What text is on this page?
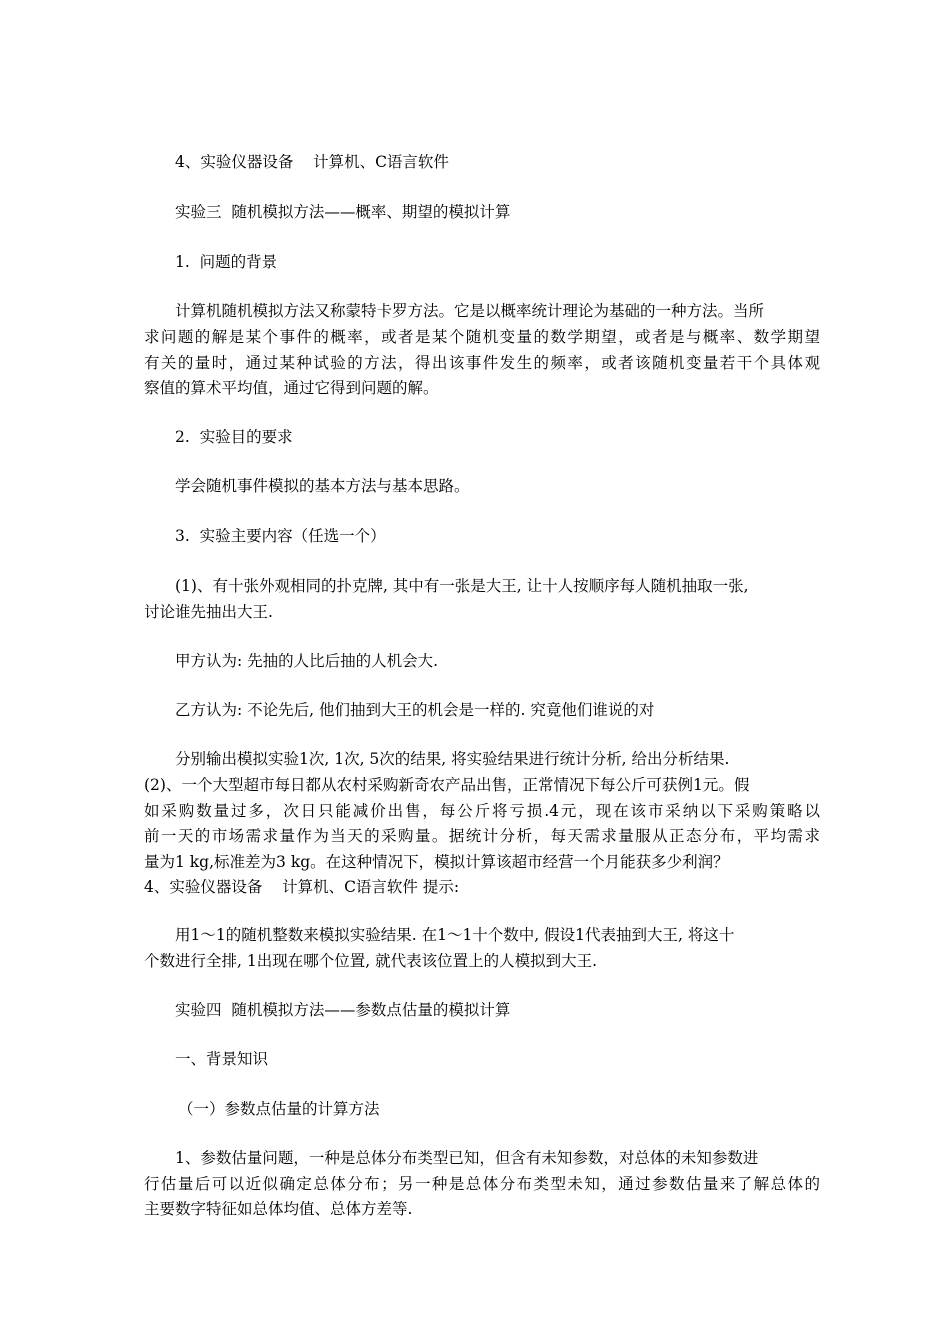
4、实验仪器设备    计算机、C语言软件
实验三  随机模拟方法——概率、期望的模拟计算
1.  问题的背景
计算机随机模拟方法又称蒙特卡罗方法。它是以概率统计理论为基础的一种方法。当所
求问题的解是某个事件的概率，或者是某个随机变量的数学期望，或者是与概率、数学期望
有关的量时，通过某种试验的方法，得出该事件发生的频率，或者该随机变量若干个具体观
察值的算术平均值，通过它得到问题的解。
2.  实验目的要求
学会随机事件模拟的基本方法与基本思路。
3.  实验主要内容（任选一个）
(1)、有十张外观相同的扑克牌, 其中有一张是大王, 让十人按顺序每人随机抽取一张,
讨论谁先抽出大王.
甲方认为: 先抽的人比后抽的人机会大.
乙方认为: 不论先后, 他们抽到大王的机会是一样的. 究竟他们谁说的对
分别输出模拟实验1次, 1次, 5次的结果, 将实验结果进行统计分析, 给出分析结果.
(2)、一个大型超市每日都从农村采购新奇农产品出售，正常情况下每公斤可获例1元。假
如采购数量过多，次日只能减价出售，每公斤将亏损.4元，现在该市采纳以下采购策略以
前一天的市场需求量作为当天的采购量。据统计分析，每天需求量服从正态分布，平均需求
量为1 kg,标准差为3 kg。在这种情况下，模拟计算该超市经营一个月能获多少利润？
4、实验仪器设备    计算机、C语言软件 提示:
用1～1的随机整数来模拟实验结果. 在1～1十个数中, 假设1代表抽到大王, 将这十
个数进行全排, 1出现在哪个位置, 就代表该位置上的人模拟到大王.
实验四  随机模拟方法——参数点估量的模拟计算
一、背景知识
（一）参数点估量的计算方法
1、参数估量问题，一种是总体分布类型已知，但含有未知参数，对总体的未知参数进
行估量后可以近似确定总体分布；另一种是总体分布类型未知，通过参数估量来了解总体的
主要数字特征如总体均值、总体方差等.
